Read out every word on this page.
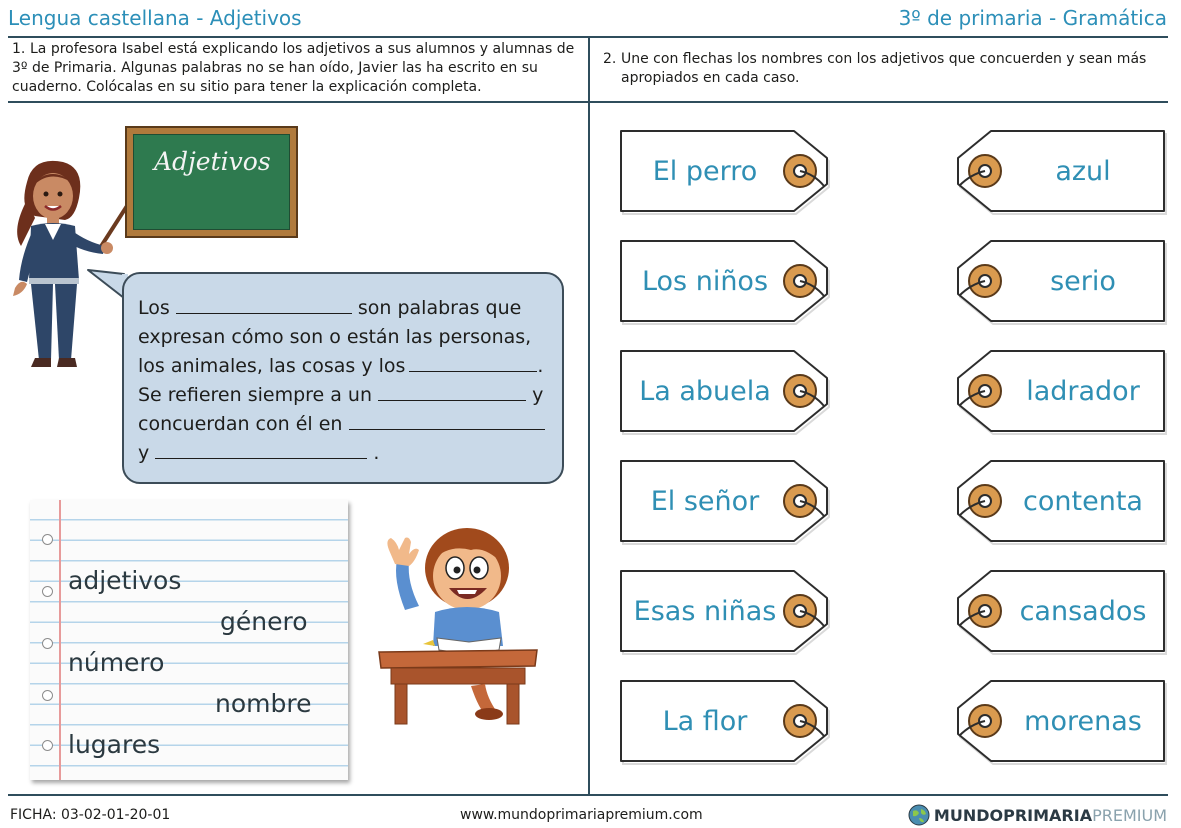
Lengua castellana - Adjetivos	3º de primaria - Gramática
1. La profesora Isabel está explicando los adjetivos a sus alumnos y alumnas de
3º de Primaria. Algunas palabras no se han oído, Javier las ha escrito en su
cuaderno. Colócalas en su sitio para tener la explicación completa.
2. Une con flechas los nombres con los adjetivos que concuerden y sean más
apropiados en cada caso.
Adjetivos
Los	son palabras que
expresan cómo son o están las personas,
los animales, las cosas y los	.
Se refieren siempre a un	y
concuerdan con él en
y	.
adjetivos
género
número
nombre
lugares
El perro
Los niños
La abuela
El señor
Esas niñas
La flor
azul
serio
ladrador
contenta
cansados
morenas
FICHA: 03-02-01-20-01	www.mundoprimariapremium.com	MUNDO PRIMARIA PREMIUM
